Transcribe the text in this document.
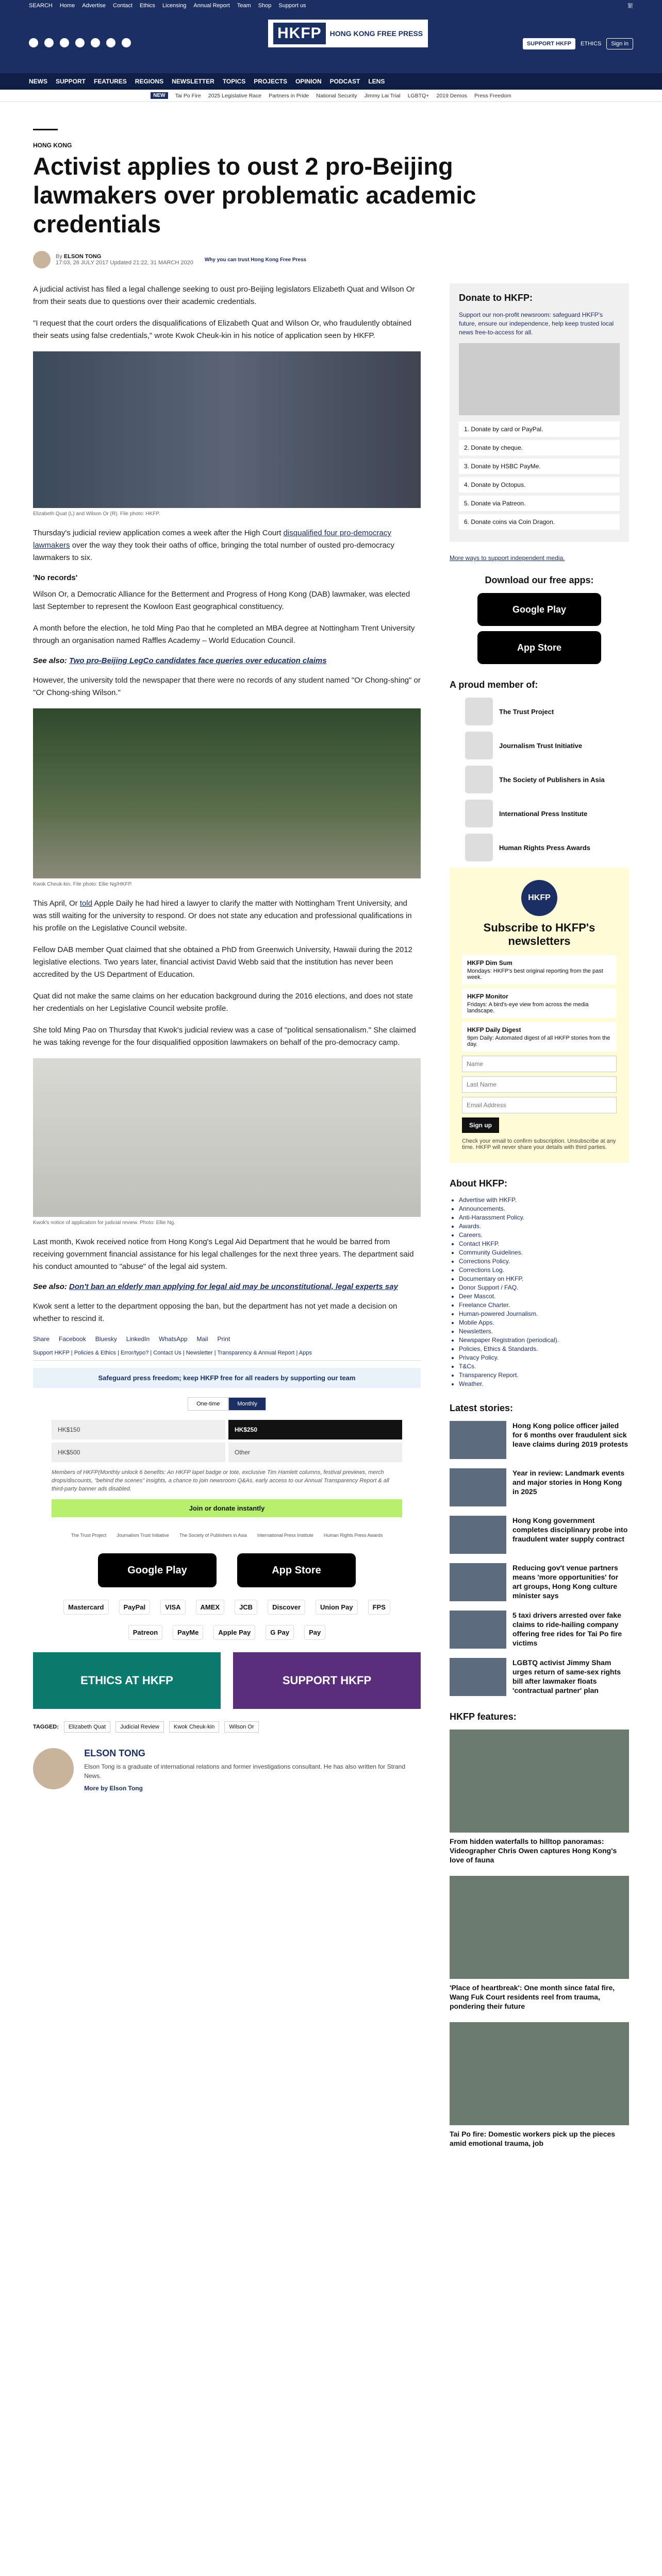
SEARCH Home Advertise Contact Ethics Licensing Annual Report Team Shop Support us	繁
HKFP	HONG KONG FREE PRESS
SUPPORT HKFP	ETHICS	Sign in
NEWS SUPPORT FEATURES REGIONS NEWSLETTER TOPICS PROJECTS OPINION PODCAST LENS
NEW	Tai Po Fire 2025 Legislative Race Partners in Pride National Security Jimmy Lai Trial LGBTQ+ 2019 Demos Press Freedom
HONG KONG
Activist applies to oust 2 pro-Beijing lawmakers over problematic academic credentials
By ELSON TONG
17:03, 26 JULY 2017 Updated 21:22, 31 MARCH 2020 Why you can trust Hong Kong Free Press

A judicial activist has filed a legal challenge seeking to oust pro-Beijing legislators Elizabeth Quat and Wilson Or from their seats due to questions over their academic credentials.

"I request that the court orders the disqualifications of Elizabeth Quat and Wilson Or, who fraudulently obtained their seats using false credentials," wrote Kwok Cheuk-kin in his notice of application seen by HKFP.

Elizabeth Quat (L) and Wilson Or (R). File photo: HKFP.

Thursday's judicial review application comes a week after the High Court disqualified four pro-democracy lawmakers over the way they took their oaths of office, bringing the total number of ousted pro-democracy lawmakers to six.

'No records'

Wilson Or, a Democratic Alliance for the Betterment and Progress of Hong Kong (DAB) lawmaker, was elected last September to represent the Kowloon East geographical constituency.

A month before the election, he told Ming Pao that he completed an MBA degree at Nottingham Trent University through an organisation named Raffles Academy – World Education Council.

See also: Two pro-Beijing LegCo candidates face queries over education claims

However, the university told the newspaper that there were no records of any student named "Or Chong-shing" or "Or Chong-shing Wilson."

Kwok Cheuk-kin. File photo: Ellie Ng/HKFP.

This April, Or told Apple Daily he had hired a lawyer to clarify the matter with Nottingham Trent University, and was still waiting for the university to respond. Or does not state any education and professional qualifications in his profile on the Legislative Council website.

Fellow DAB member Quat claimed that she obtained a PhD from Greenwich University, Hawaii during the 2012 legislative elections. Two years later, financial activist David Webb said that the institution has never been accredited by the US Department of Education.

Quat did not make the same claims on her education background during the 2016 elections, and does not state her credentials on her Legislative Council website profile.

She told Ming Pao on Thursday that Kwok's judicial review was a case of "political sensationalism." She claimed he was taking revenge for the four disqualified opposition lawmakers on behalf of the pro-democracy camp.

Kwok's notice of application for judicial review. Photo: Ellie Ng.

Last month, Kwok received notice from Hong Kong's Legal Aid Department that he would be barred from receiving government financial assistance for his legal challenges for the next three years. The department said his conduct amounted to "abuse" of the legal aid system.

See also: Don't ban an elderly man applying for legal aid may be unconstitutional, legal experts say

Kwok sent a letter to the department opposing the ban, but the department has not yet made a decision on whether to rescind it.

Share Facebook Bluesky LinkedIn WhatsApp Mail Print
Support HKFP | Policies & Ethics | Error/typo? | Contact Us | Newsletter | Transparency & Annual Report | Apps
Safeguard press freedom; keep HKFP free for all readers by supporting our team
One-time	Monthly
HK$150	HK$250
HK$500	Other
Members of HKFP(Monthly unlock 6 benefits: An HKFP lapel badge or tote, exclusive Tim Hamlett columns, festival previews, merch drops/discounts, "behind the scenes" insights, a chance to join newsroom Q&As, early access to our Annual Transparency Report & all third-party banner ads disabled.
Join or donate instantly
The Trust Project Journalism Trust Initiative The Society of Publishers in Asia International Press Institute Human Rights Press Awards
Google Play	App Store
Mastercard	PayPal	VISA	AMEX	JCB	Discover	Union Pay	FPS
Patreon	PayMe	Apple Pay	G Pay	Pay
ETHICS AT HKFP	SUPPORT HKFP
TAGGED:	Elizabeth Quat	Judicial Review	Kwok Cheuk-kin	Wilson Or
ELSON TONG

Elson Tong is a graduate of international relations and former investigations consultant. He has also written for Strand News.

More by Elson Tong

Donate to HKFP:

Support our non-profit newsroom: safeguard HKFP's future, ensure our independence, help keep trusted local news free-to-access for all.

1. Donate by card or PayPal.
2. Donate by cheque.
3. Donate by HSBC PayMe.
4. Donate by Octopus.
5. Donate via Patreon.
6. Donate coins via Coin Dragon.
More ways to support independent media.
Download our free apps:
Google Play
App Store
A proud member of:
The Trust Project
Journalism Trust Initiative
The Society of Publishers in Asia
International Press Institute
Human Rights Press Awards
HKFP
Subscribe to HKFP's newsletters
HKFP Dim Sum
Mondays: HKFP's best original reporting from the past week.
HKFP Monitor
Fridays: A bird's-eye view from across the media landscape.
HKFP Daily Digest
9pm Daily: Automated digest of all HKFP stories from the day.
Name Last Name Email Address
Sign up

Check your email to confirm subscription. Unsubscribe at any time. HKFP will never share your details with third parties.

About HKFP:
• Advertise with HKFP.
• Announcements.
• Anti-Harassment Policy.
• Awards.
• Careers.
• Contact HKFP.
• Community Guidelines.
• Corrections Policy.
• Corrections Log.
• Documentary on HKFP.
• Donor Support / FAQ.
• Deer Mascot.
• Freelance Charter.
• Human-powered Journalism.
• Mobile Apps.
• Newsletters.
• Newspaper Registration (periodical).
• Policies, Ethics & Standards.
• Privacy Policy.
• T&Cs.
• Transparency Report.
• Weather.
Latest stories:
Hong Kong police officer jailed for 6 months over fraudulent sick leave claims during 2019 protests
Year in review: Landmark events and major stories in Hong Kong in 2025
Hong Kong government completes disciplinary probe into fraudulent water supply contract
Reducing gov't venue partners means 'more opportunities' for art groups, Hong Kong culture minister says
5 taxi drivers arrested over fake claims to ride-hailing company offering free rides for Tai Po fire victims
LGBTQ activist Jimmy Sham urges return of same-sex rights bill after lawmaker floats 'contractual partner' plan
HKFP features:
From hidden waterfalls to hilltop panoramas: Videographer Chris Owen captures Hong Kong's love of fauna
'Place of heartbreak': One month since fatal fire, Wang Fuk Court residents reel from trauma, pondering their future
Tai Po fire: Domestic workers pick up the pieces amid emotional trauma, job
